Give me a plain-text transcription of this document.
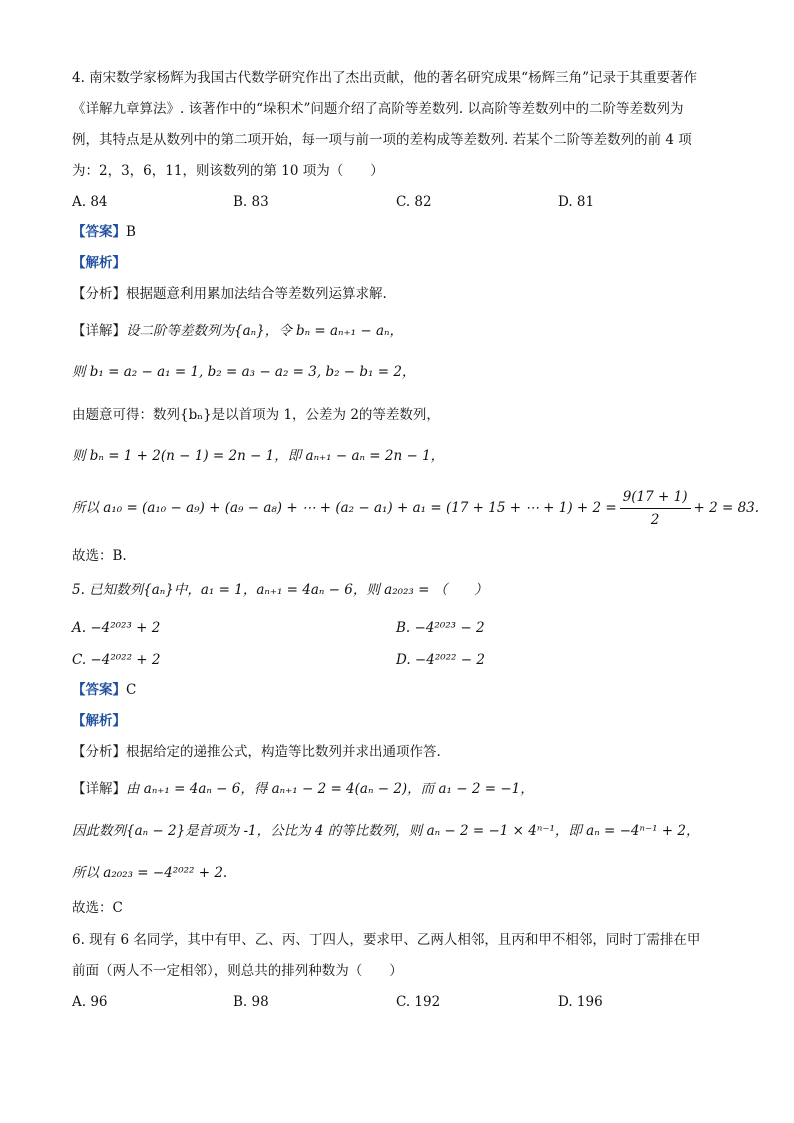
4. 南宋数学家杨辉为我国古代数学研究作出了杰出贡献，他的著名研究成果“杨辉三角”记录于其重要著作
《详解九章算法》. 该著作中的“垛积术”问题介绍了高阶等差数列. 以高阶等差数列中的二阶等差数列为
例，其特点是从数列中的第二项开始，每一项与前一项的差构成等差数列. 若某个二阶等差数列的前 4 项
为：2，3，6，11，则该数列的第 10 项为（　　）
A. 84	B. 83	C. 82	D. 81
【答案】B
【解析】
【分析】根据题意利用累加法结合等差数列运算求解.
【详解】设二阶等差数列为{aₙ}，令 bₙ = aₙ₊₁ − aₙ，
则 b₁ = a₂ − a₁ = 1, b₂ = a₃ − a₂ = 3, b₂ − b₁ = 2，
由题意可得：数列{bₙ}是以首项为 1，公差为 2的等差数列，
则 bₙ = 1 + 2(n − 1) = 2n − 1，即 aₙ₊₁ − aₙ = 2n − 1，
所以 a₁₀ = (a₁₀ − a₉) + (a₉ − a₈) + ⋯ + (a₂ − a₁) + a₁ = (17 + 15 + ⋯ + $1) + 2 = \frac{9(17 + 1)}{2} + 2 = 83$.
故选：B.
5. 已知数列{aₙ}中，a₁ = 1，aₙ₊₁ = 4aₙ − 6，则 a₂₀₂₃ = （　　）
A. −4²⁰²³ + 2	B. −4²⁰²³ − 2
C. −4²⁰²² + 2	D. −4²⁰²² − 2
【答案】C
【解析】
【分析】根据给定的递推公式，构造等比数列并求出通项作答.
【详解】由 aₙ₊₁ = 4aₙ − 6，得 aₙ₊₁ − 2 = 4(aₙ − 2)，而 a₁ − 2 = −1，
因此数列{aₙ − 2}是首项为 -1，公比为 4 的等比数列，则 aₙ − 2 = −1 × 4ⁿ⁻¹，即 aₙ = −4ⁿ⁻¹ + 2，
所以 a₂₀₂₃ = −4²⁰²² + 2.
故选：C
6. 现有 6 名同学，其中有甲、乙、丙、丁四人，要求甲、乙两人相邻，且丙和甲不相邻，同时丁需排在甲
前面（两人不一定相邻），则总共的排列种数为（　　）
A. 96	B. 98	C. 192	D. 196
